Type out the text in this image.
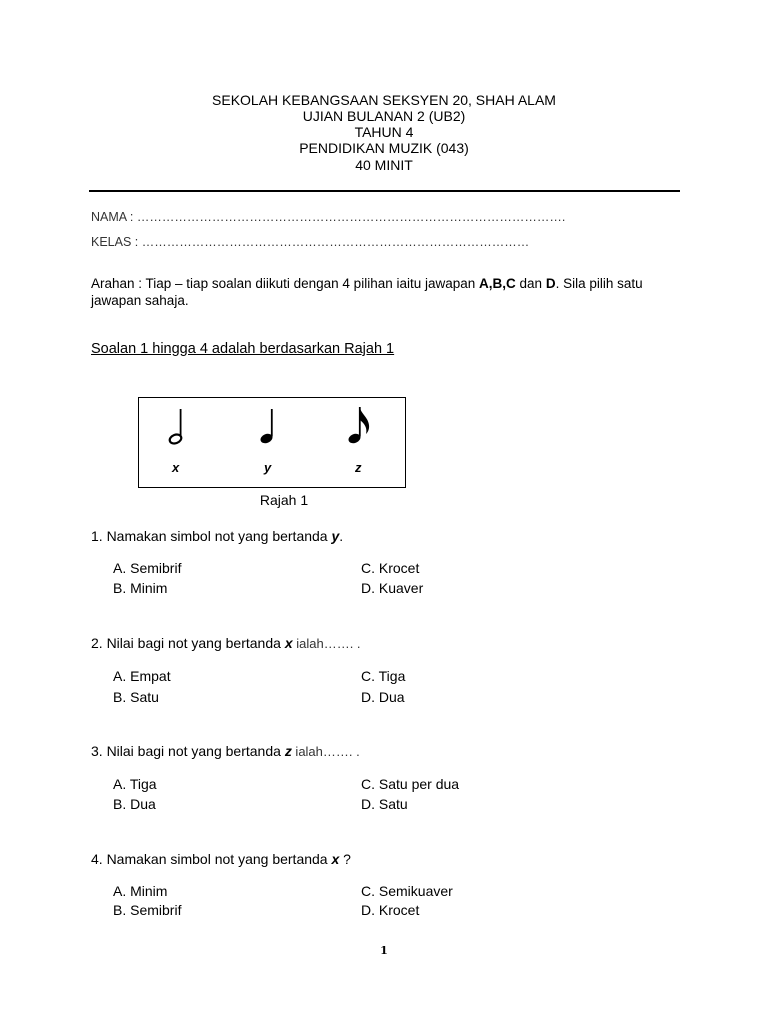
SEKOLAH KEBANGSAAN SEKSYEN 20, SHAH ALAM
UJIAN BULANAN 2 (UB2)
TAHUN 4
PENDIDIKAN MUZIK (043)
40 MINIT
NAMA : ………………………………………………………………………………………….
KELAS : …………………………………………………………………………………
Arahan : Tiap – tiap soalan diikuti dengan 4 pilihan iaitu jawapan A,B,C dan D. Sila pilih satu jawapan sahaja.
Soalan 1 hingga 4 adalah berdasarkan Rajah 1
x	y	z
Rajah 1
1. Namakan simbol not yang bertanda y.
A. Semibrif
B. Minim
C. Krocet
D. Kuaver
2. Nilai bagi not yang bertanda x ialah……. .
A. Empat
B. Satu
C. Tiga
D. Dua
3. Nilai bagi not yang bertanda z ialah……. .
A. Tiga
B. Dua
C. Satu per dua
D. Satu
4. Namakan simbol not yang bertanda x ?
A. Minim
B. Semibrif
C. Semikuaver
D. Krocet
1
